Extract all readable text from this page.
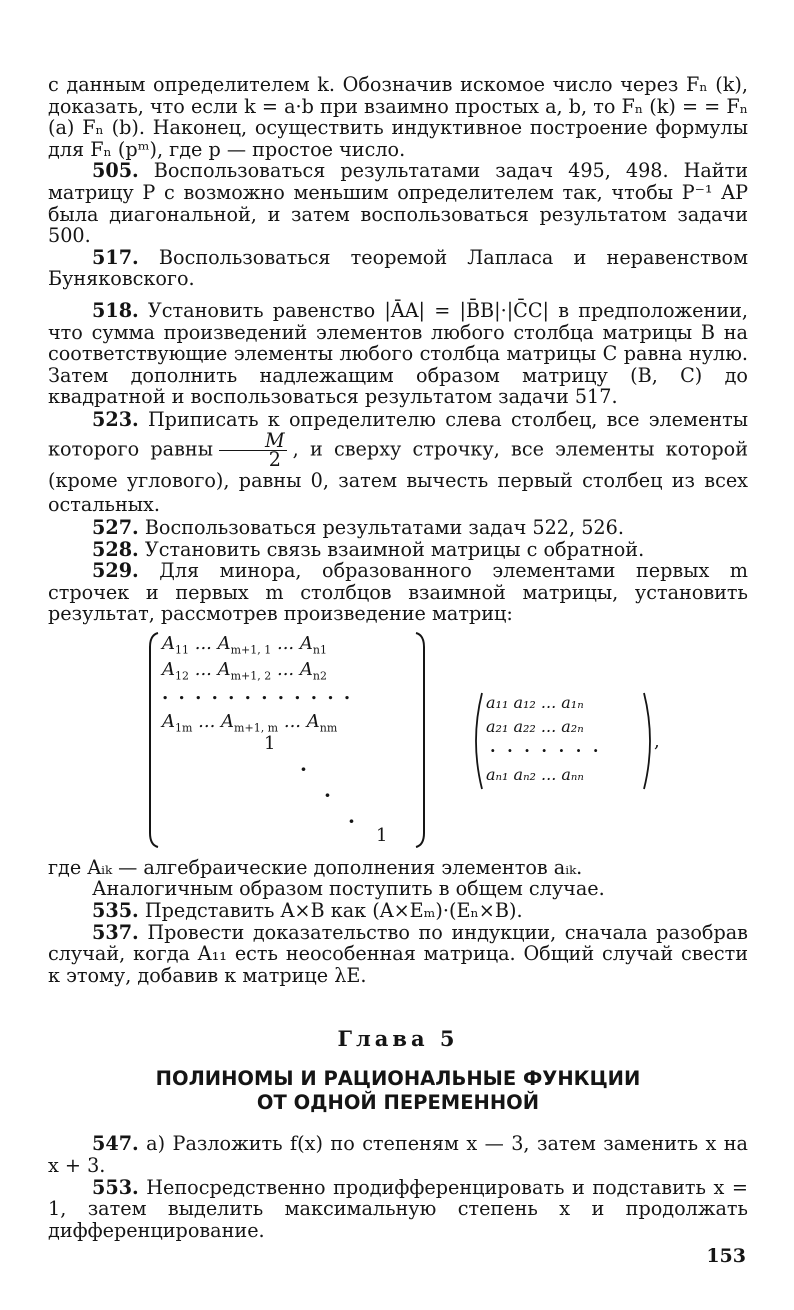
с данным определителем k. Обозначив искомое число через Fₙ (k), доказать, что если k = a·b при взаимно простых a, b, то Fₙ (k) = = Fₙ (a) Fₙ (b). Наконец, осуществить индуктивное построение формулы для Fₙ (pᵐ), где p — простое число.

505. Воспользоваться результатами задач 495, 498. Найти матрицу P с возможно меньшим определителем так, чтобы P⁻¹ AP была диагональной, и затем воспользоваться результатом задачи 500.

517. Воспользоваться теоремой Лапласа и неравенством Буняковского.

518. Установить равенство |ĀA| = |B̄B|·|C̄C| в предположении, что сумма произведений элементов любого столбца матрицы B на соответствующие элементы любого столбца матрицы C равна нулю. Затем дополнить надлежащим образом матрицу (B, C) до квадратной и воспользоваться результатом задачи 517.

523. Приписать к определителю слева столбец, все элементы которого равны $\frac{M}{2}$ , и сверху строчку, все элементы которой (кроме углового), равны 0, затем вычесть первый столбец из всех остальных.

527. Воспользоваться результатами задач 522, 526.

528. Установить связь взаимной матрицы с обратной.

529. Для минора, образованного элементами первых m строчек и первых m столбцов взаимной матрицы, установить результат, рассмотрев произведение матриц:

$A_{11}$ ... $A_{m+1, 1}$ ... $A_{n1}$
$A_{12}$ ... $A_{m+1, 2}$ ... $A_{n2}$
. . . . . . . . . . . .
$A_{1m}$ ... $A_{m+1, m}$ ... $A_{nm}$
1
·
·
·
1
a₁₁ a₁₂ ... a₁ₙ
a₂₁ a₂₂ ... a₂ₙ
. . . . . . .
aₙ₁ aₙ₂ ... aₙₙ
,

где Aᵢₖ — алгебраические дополнения элементов aᵢₖ.

Аналогичным образом поступить в общем случае.

535. Представить A×B как (A×Eₘ)·(Eₙ×B).

537. Провести доказательство по индукции, сначала разобрав случай, когда A₁₁ есть неособенная матрица. Общий случай свести к этому, добавив к матрице λE.

Глава 5

ПОЛИНОМЫ И РАЦИОНАЛЬНЫЕ ФУНКЦИИ
ОТ ОДНОЙ ПЕРЕМЕННОЙ

547. а) Разложить f(x) по степеням x — 3, затем заменить x на x + 3.

553. Непосредственно продифференцировать и подставить x = 1, затем выделить максимальную степень x и продолжать дифференцирование.

153
